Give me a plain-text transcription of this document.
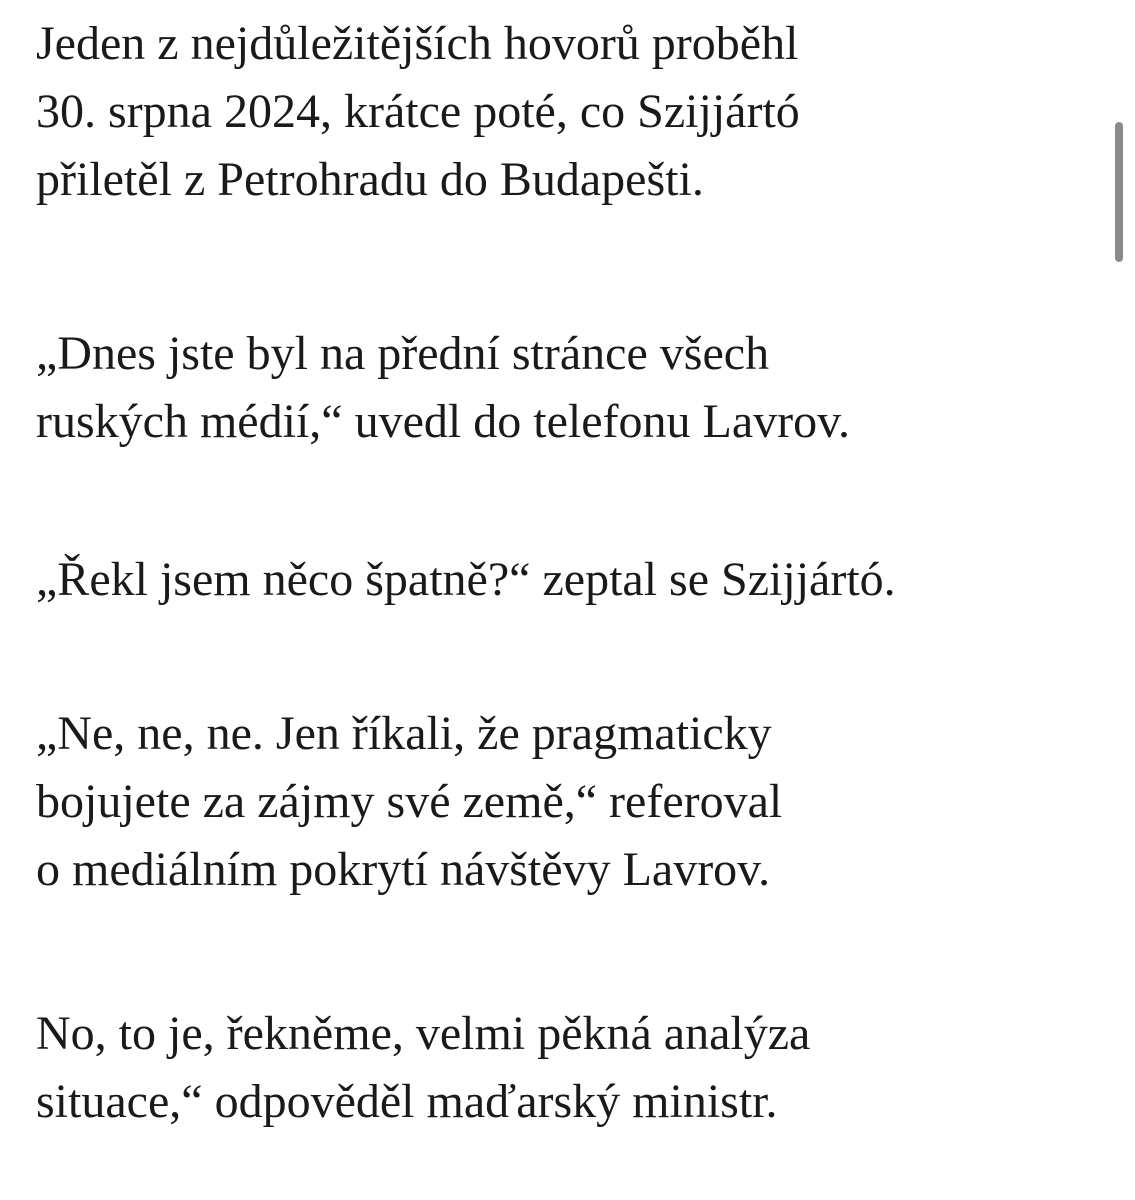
Jeden z nejdůležitějších hovorů proběhl
30. srpna 2024, krátce poté, co Szijjártó
přiletěl z Petrohradu do Budapešti.

„Dnes jste byl na přední stránce všech
ruských médií,“ uvedl do telefonu Lavrov.

„Řekl jsem něco špatně?“ zeptal se Szijjártó.

„Ne, ne, ne. Jen říkali, že pragmaticky
bojujete za zájmy své země,“ referoval
o mediálním pokrytí návštěvy Lavrov.

No, to je, řekněme, velmi pěkná analýza
situace,“ odpověděl maďarský ministr.
